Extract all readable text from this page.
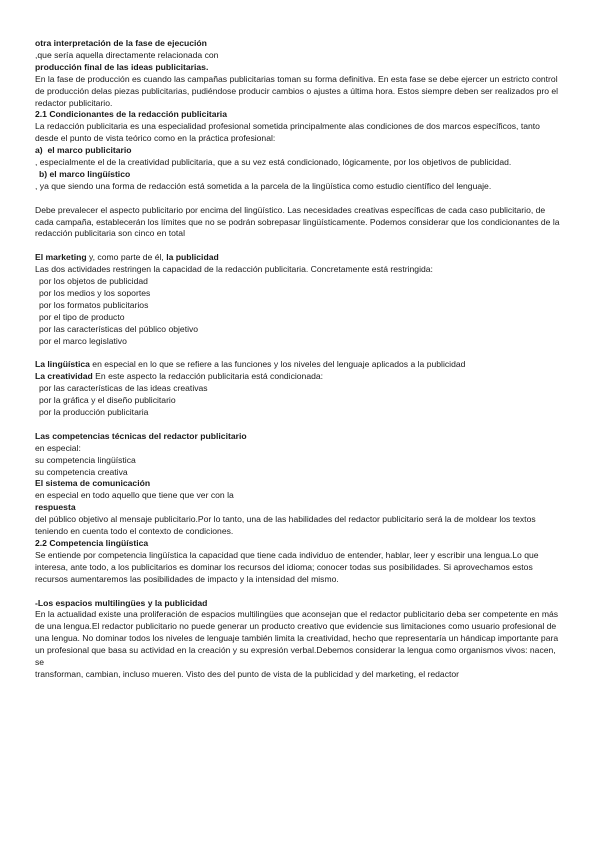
otra interpretación de la fase de ejecución
,que sería aquella directamente relacionada con
producción final de las ideas publicitarias.
En la fase de producción es cuando las campañas publicitarias toman su forma definitiva. En esta fase se debe ejercer un estricto control de producción delas piezas publicitarias, pudiéndose producir cambios o ajustes a última hora. Estos siempre deben ser realizados pro el redactor publicitario.
2.1 Condicionantes de la redacción publicitaria
La redacción publicitaria es una especialidad profesional sometida principalmente alas condiciones de dos marcos específicos, tanto desde el punto de vista teórico como en la práctica profesional:
a) el marco publicitario
, especialmente el de la creatividad publicitaria, que a su vez está condicionado, lógicamente, por los objetivos de publicidad.
b) el marco lingüístico
, ya que siendo una forma de redacción está sometida a la parcela de la lingüística como estudio científico del lenguaje.
Debe prevalecer el aspecto publicitario por encima del lingüístico. Las necesidades creativas específicas de cada caso publicitario, de cada campaña, establecerán los límites que no se podrán sobrepasar lingüísticamente. Podemos considerar que los condicionantes de la redacción publicitaria son cinco en total
El marketing y, como parte de él, la publicidad
Las dos actividades restringen la capacidad de la redacción publicitaria. Concretamente está restringida:
por los objetos de publicidad
por los medios y los soportes
por los formatos publicitarios
por el tipo de producto
por las características del público objetivo
por el marco legislativo
La lingüística en especial en lo que se refiere a las funciones y los niveles del lenguaje aplicados a la publicidad
La creatividad En este aspecto la redacción publicitaria está condicionada:
por las características de las ideas creativas
por la gráfica y el diseño publicitario
por la producción publicitaria
Las competencias técnicas del redactor publicitario
en especial:
su competencia lingüística
su competencia creativa
El sistema de comunicación
en especial en todo aquello que tiene que ver con la
respuesta
del público objetivo al mensaje publicitario.Por lo tanto, una de las habilidades del redactor publicitario será la de moldear los textos teniendo en cuenta todo el contexto de condiciones.
2.2 Competencia lingüística
Se entiende por competencia lingüística la capacidad que tiene cada individuo de entender, hablar, leer y escribir una lengua.Lo que interesa, ante todo, a los publicitarios es dominar los recursos del idioma; conocer todas sus posibilidades. Si aprovechamos estos recursos aumentaremos las posibilidades de impacto y la intensidad del mismo.
-Los espacios multilingües y la publicidad
En la actualidad existe una proliferación de espacios multilingües que aconsejan que el redactor publicitario deba ser competente en más de una lengua.El redactor publicitario no puede generar un producto creativo que evidencie sus limitaciones como usuario profesional de una lengua. No dominar todos los niveles de lenguaje también limita la creatividad, hecho que representaría un hándicap importante para un profesional que basa su actividad en la creación y su expresión verbal.Debemos considerar la lengua como organismos vivos: nacen, se
transforman, cambian, incluso mueren. Visto des del punto de vista de la publicidad y del marketing, el redactor
